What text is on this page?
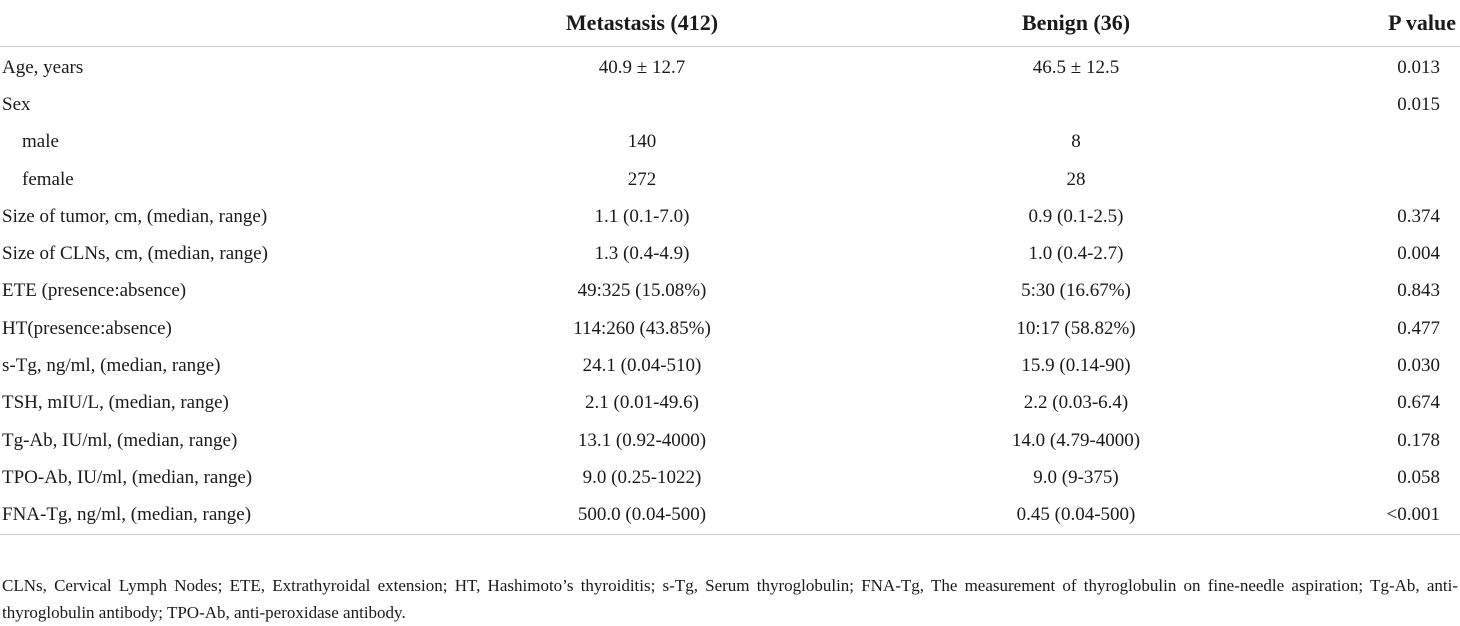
	Metastasis (412)	Benign (36)	P value
Age, years	40.9 ± 12.7	46.5 ± 12.5	0.013
Sex			0.015
male	140	8	
female	272	28	
Size of tumor, cm, (median, range)	1.1 (0.1-7.0)	0.9 (0.1-2.5)	0.374
Size of CLNs, cm, (median, range)	1.3 (0.4-4.9)	1.0 (0.4-2.7)	0.004
ETE (presence:absence)	49:325 (15.08%)	5:30 (16.67%)	0.843
HT(presence:absence)	114:260 (43.85%)	10:17 (58.82%)	0.477
s-Tg, ng/ml, (median, range)	24.1 (0.04-510)	15.9 (0.14-90)	0.030
TSH, mIU/L, (median, range)	2.1 (0.01-49.6)	2.2 (0.03-6.4)	0.674
Tg-Ab, IU/ml, (median, range)	13.1 (0.92-4000)	14.0 (4.79-4000)	0.178
TPO-Ab, IU/ml, (median, range)	9.0 (0.25-1022)	9.0 (9-375)	0.058
FNA-Tg, ng/ml, (median, range)	500.0 (0.04-500)	0.45 (0.04-500)	<0.001
CLNs, Cervical Lymph Nodes; ETE, Extrathyroidal extension; HT, Hashimoto’s thyroiditis; s-Tg, Serum thyroglobulin; FNA-Tg, The measurement of thyroglobulin on fine-needle aspiration; Tg-Ab, anti-thyroglobulin antibody; TPO-Ab, anti-peroxidase antibody.
